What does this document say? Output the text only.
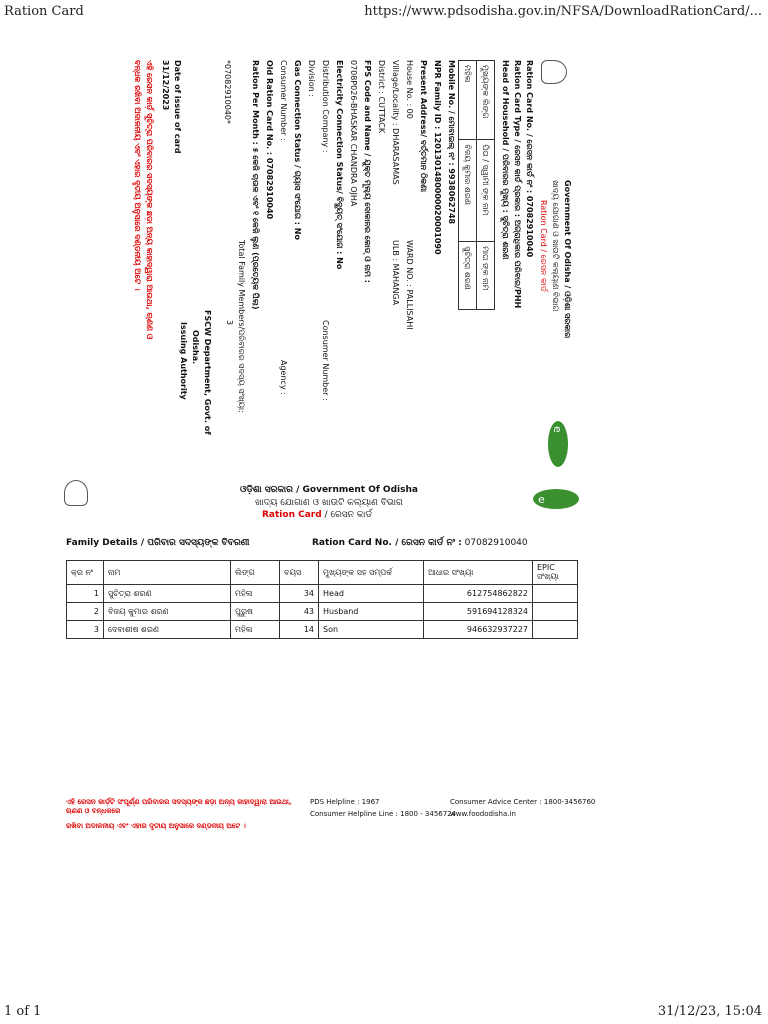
Ration Card	https://www.pdsodisha.gov.in/NFSA/DownloadRationCard/...
1 of 1	31/12/23, 15:04
e
Government Of Odisha / ଓଡ଼ିଶା ସରକାର
ଖାଦ୍ୟ ଯୋଗାଣ ଓ ଖାଉଟି କଲ୍ୟାଣ ବିଭାଗ
Ration Card / ରେସନ କାର୍ଡ
Ration Card No. / ରେସନ କାର୍ଡ ନଂ : 07082910040
Ration Card Type / ରେସନ କାର୍ଡ ପ୍ରକାର : ଅଗ୍ରାଧିକାର ପରିବାର/PHH
Head of Household / ପରିବାରର ମୁଖ୍ୟ : ସୁଚିତ୍ରା ଶରଣ
ମୁଖ୍ୟଙ୍କ ଲିଙ୍ଗ	ପିତା / ସ୍ୱାମୀ ଙ୍କ ନାମ	ମାତା ଙ୍କ ନାମ
ମହିଳା	ବିଜୟ କୁମାର ଶରଣ	ସୁଚିତ୍ରା ଶରଣ
Mobile No. / ମୋବାଇଲ୍ ନଂ : 9938062748
NPR Family ID : 1201301480000020001090
Present Address/ ବର୍ତ୍ତମାନ ଠିକଣା
House No. : 00
WARD NO. : PALLISAHI
Village/Locality : DHARASAMAS
ULB : MAHANGA
District : CUTTACK
FPS Code and Name / ଯୁକ୍ତ ମୂଲ୍ୟ ଦୋକାନର କୋଡ୍ ଓ ନାମ :
0708P026-BHASKAR CHANDRA OJHA
Electricity Connection Status/ ବିଦ୍ୟୁତ୍ ସଂଯୋଗ : No
Distribution Company :
Consumer Number :
Division :
Gas Connection Status / ଗ୍ୟାସ ସଂଯୋଗ : No
Agency :
Consumer Number :
Old Ration Card No. : 07082910040
Ration Per Month : ୫ କେଜି ଚାଉଳ ଏବଂ ୧ କେଜି ଲୁଣ (ପ୍ରତ୍ୟେକ ପିଲା)
Total Family Members/ପରିବାରର ସଦସ୍ୟ ସଂଖ୍ୟା:
3
*07082910040*
Date of issue of card
31/12/2023
FSCW Department, Govt. of
Odisha.
Issuing Authority
ଏହି ରେସନ କାର୍ଡ଼ ସୂଚିତ୍ରା ପରିବାରର ସଦସ୍ୟଙ୍କ ଛଡ଼ା ଅନ୍ୟ କାହାଦ୍ୱାରା ଆଉଥା, ଋଣଣ ଓ
ବନ୍ଧକ ରଖିବା ଅଦାଳନୀୟ ଏବଂ ଏହାର ଦୃତୀୟ ଅନୁସାରେ ଦଣ୍ଡନୀୟ ଅଟେ ।
e
ଓଡ଼ିଶା ସରକାର / Government Of Odisha
ଖାଦ୍ୟ ଯୋଗାଣ ଓ ଖାଉଟି କଲ୍ୟାଣ ବିଭାଗ
Ration Card / ରେସନ କାର୍ଡ
Family Details / ପରିବାର ସଦସ୍ୟଙ୍କ ବିବରଣୀ	Ration Card No. / ରେସନ କାର୍ଡ ନଂ : 07082910040
କ୍ର ନଂ	ନାମ	ଲିଙ୍ଗ	ବୟସ	ମୁଖ୍ୟଙ୍କ ସହ ସମ୍ପର୍କ	ଆଧାର ସଂଖ୍ୟା	EPIC ସଂଖ୍ୟା
1	ସୁଚିତ୍ରା ଶରଣ	ମହିଳା	34	Head	612754862822	
2	ବିଜୟ କୁମାର ଶରଣ	ପୁରୁଷ	43	Husband	591694128324	
3	ଦେବାଶୀଷ ଶରଣ	ମହିଳା	14	Son	946632937227	
ଏହି ରେସନ କାର୍ଡ଼ଟି ସଂପୂର୍ଣ୍ଣ ପରିବାରର ସଦସ୍ୟଙ୍କ ଛଡ଼ା ଅନ୍ୟ କାହାଦ୍ୱାରା ଆଉଥା, ଋଣଣ ଓ ବନ୍ଧକରେ
ରଖିବା ଅଦାଳନୀୟ ଏବଂ ଏହାର ଦୃତୀୟ ଅନୁସାରେ ଦଣ୍ଡନୀୟ ଅଟେ ।
PDS Helpline : 1967
Consumer Helpline Line : 1800 - 3456724
Consumer Advice Center : 1800-3456760
www.foododisha.in
